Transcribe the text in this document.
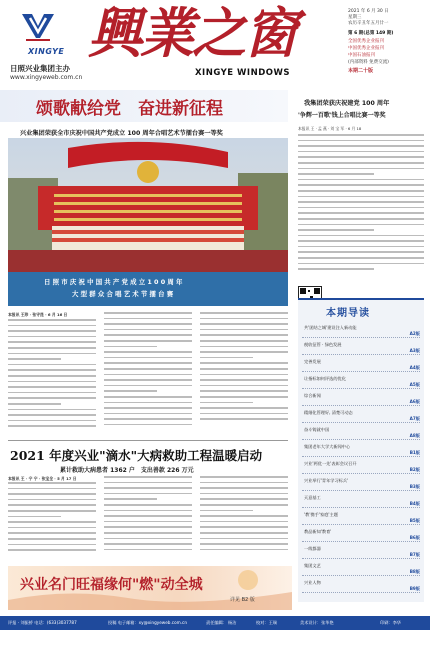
XINGYE
日照兴业集团主办
www.xingyeweb.com.cn
興業之窗
XINGYE WINDOWS
2021 年 6 月 30 日
星期三
农历辛丑年五月廿一
第 6 期(总第 149 期)
全国优秀企业报刊
中国优秀企业报刊
中国石油报刊
(内部资料 免费交流)
本期二十版
颂歌献给党　奋进新征程
兴业集团荣获全市庆祝中国共产党成立 100 周年合唱艺术节擂台赛一等奖
日 照 市 庆 祝 中 国 共 产 党 成 立 1 0 0 周 年
大 型 群 众 合 唱 艺 术 节 擂 台 赛
本报讯 王珍 · 张守昆 · 6 月 16 日
我集团荣获庆祝建党 100 周年
'争辉一百歌'钱上合唱比赛一等奖
本报讯 王 · 孟 燕 · 刘 宝 军 · 6 月 18
本期导读
共'团结之城'建设注入新动能
A2版
税收征管 · 绿色发展
A3版
完善发展
A4版
让指标如何评选的优化
A5版
综合新闻
A6版
精细化管理好, 清楚可动态
A7版
奋斗铸就中国
A8版
集团老年大学大新闻中心
B1版
兴业'两优一先'表彰会议召开
B2版
兴业举行'青年学习标兵'
B3版
天意基工
B4版
'教'携手'家庭'主题
B5版
教品新知'教育'
B6版
一线都器
B7版
集团文艺
B8版
兴业人物
B9版
2021 年度兴业"滴水"大病救助工程温暖启动
累计救助大病患者 1362 户　支出善款 226 万元
本报讯 王 · 宁 宁 · 张宝全 · 5 月 17 日
兴业名门旺福缘何"燃"动全城
详见 B2 版
评报 · 刘振桥 电话：(633)3037787	投稿 电子邮箱：xy@xingyeweb.com.cn	责任编辑： 杨洁	校对：王瑞	美术设计：张华艳	印刷：李华
